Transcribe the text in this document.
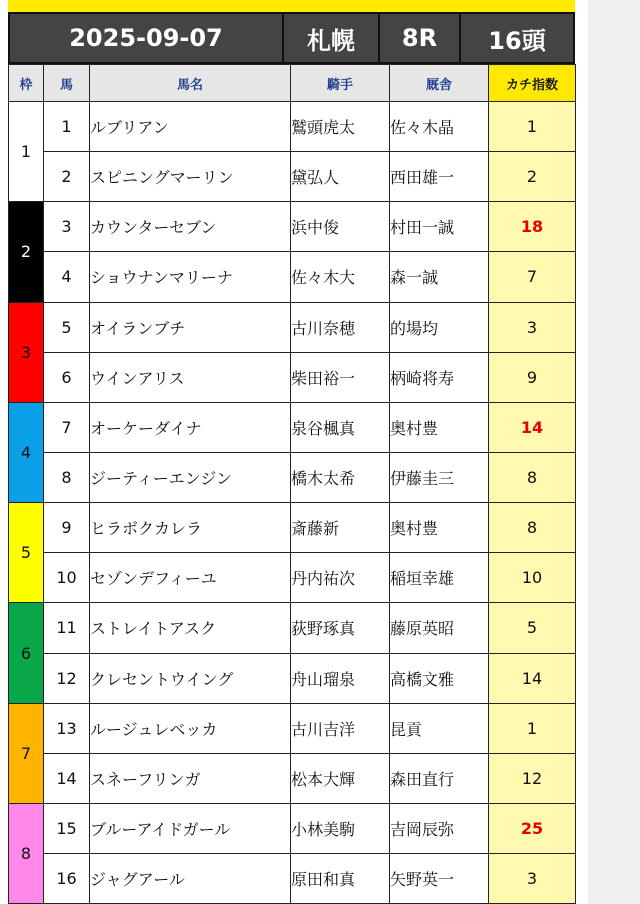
2025-09-07	札幌	8R	16頭
枠	馬	馬名	騎手	厩舎	カチ指数
1	1	ルブリアン	鷲頭虎太	佐々木晶	1
	2	スピニングマーリン	黛弘人	西田雄一	2
2	3	カウンターセブン	浜中俊	村田一誠	18
	4	ショウナンマリーナ	佐々木大	森一誠	7
3	5	オイランブチ	古川奈穂	的場均	3
	6	ウインアリス	柴田裕一	柄崎将寿	9
4	7	オーケーダイナ	泉谷楓真	奥村豊	14
	8	ジーティーエンジン	橋木太希	伊藤圭三	8
5	9	ヒラボクカレラ	斎藤新	奥村豊	8
	10	セゾンデフィーユ	丹内祐次	稲垣幸雄	10
6	11	ストレイトアスク	荻野琢真	藤原英昭	5
	12	クレセントウイング	舟山瑠泉	高橋文雅	14
7	13	ルージュレベッカ	古川吉洋	昆貢	1
	14	スネーフリンガ	松本大輝	森田直行	12
8	15	ブルーアイドガール	小林美駒	吉岡辰弥	25
	16	ジャグアール	原田和真	矢野英一	3
